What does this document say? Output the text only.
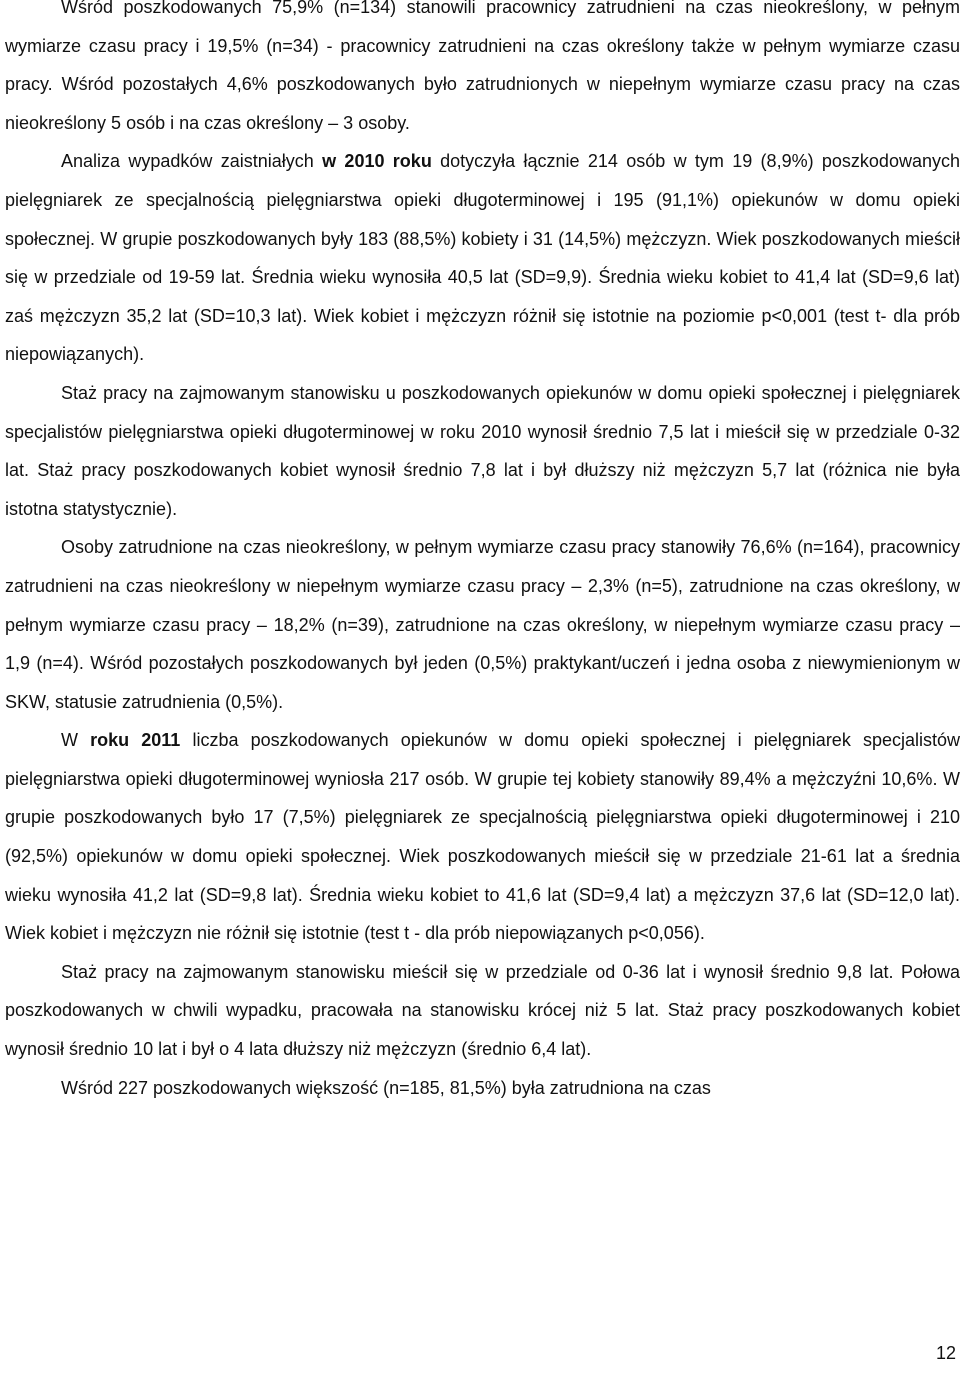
Wśród poszkodowanych 75,9% (n=134) stanowili pracownicy zatrudnieni na czas nieokreślony, w pełnym wymiarze czasu pracy i 19,5% (n=34) - pracownicy zatrudnieni na czas określony także w pełnym wymiarze czasu pracy. Wśród pozostałych 4,6% poszkodowanych było zatrudnionych w niepełnym wymiarze czasu pracy na czas nieokreślony 5 osób i na czas określony – 3 osoby.

Analiza wypadków zaistniałych w 2010 roku dotyczyła łącznie 214 osób w tym 19 (8,9%) poszkodowanych pielęgniarek ze specjalnością pielęgniarstwa opieki długoterminowej i 195 (91,1%) opiekunów w domu opieki społecznej. W grupie poszkodowanych były 183 (88,5%) kobiety i 31 (14,5%) mężczyzn. Wiek poszkodowanych mieścił się w przedziale od 19-59 lat. Średnia wieku wynosiła 40,5 lat (SD=9,9). Średnia wieku kobiet to 41,4 lat (SD=9,6 lat) zaś mężczyzn 35,2 lat (SD=10,3 lat). Wiek kobiet i mężczyzn różnił się istotnie na poziomie p<0,001 (test t- dla prób niepowiązanych).

Staż pracy na zajmowanym stanowisku u poszkodowanych opiekunów w domu opieki społecznej i pielęgniarek specjalistów pielęgniarstwa opieki długoterminowej w roku 2010 wynosił średnio 7,5 lat i mieścił się w przedziale 0-32 lat. Staż pracy poszkodowanych kobiet wynosił średnio 7,8 lat i był dłuższy niż mężczyzn 5,7 lat (różnica nie była istotna statystycznie).

Osoby zatrudnione na czas nieokreślony, w pełnym wymiarze czasu pracy stanowiły 76,6% (n=164), pracownicy zatrudnieni na czas nieokreślony w niepełnym wymiarze czasu pracy – 2,3% (n=5), zatrudnione na czas określony, w pełnym wymiarze czasu pracy – 18,2% (n=39), zatrudnione na czas określony, w niepełnym wymiarze czasu pracy – 1,9 (n=4). Wśród pozostałych poszkodowanych był jeden (0,5%) praktykant/uczeń i jedna osoba z niewymienionym w SKW, statusie zatrudnienia (0,5%).

W roku 2011 liczba poszkodowanych opiekunów w domu opieki społecznej i pielęgniarek specjalistów pielęgniarstwa opieki długoterminowej wyniosła 217 osób. W grupie tej kobiety stanowiły 89,4% a mężczyźni 10,6%. W grupie poszkodowanych było 17 (7,5%) pielęgniarek ze specjalnością pielęgniarstwa opieki długoterminowej i 210 (92,5%) opiekunów w domu opieki społecznej. Wiek poszkodowanych mieścił się w przedziale 21-61 lat a średnia wieku wynosiła 41,2 lat (SD=9,8 lat). Średnia wieku kobiet to 41,6 lat (SD=9,4 lat) a mężczyzn 37,6 lat (SD=12,0 lat). Wiek kobiet i mężczyzn nie różnił się istotnie (test t - dla prób niepowiązanych p<0,056).

Staż pracy na zajmowanym stanowisku mieścił się w przedziale od 0-36 lat i wynosił średnio 9,8 lat. Połowa poszkodowanych w chwili wypadku, pracowała na stanowisku krócej niż 5 lat. Staż pracy poszkodowanych kobiet wynosił średnio 10 lat i był o 4 lata dłuższy niż mężczyzn (średnio 6,4 lat).

Wśród 227 poszkodowanych większość (n=185, 81,5%) była zatrudniona na czas

12
